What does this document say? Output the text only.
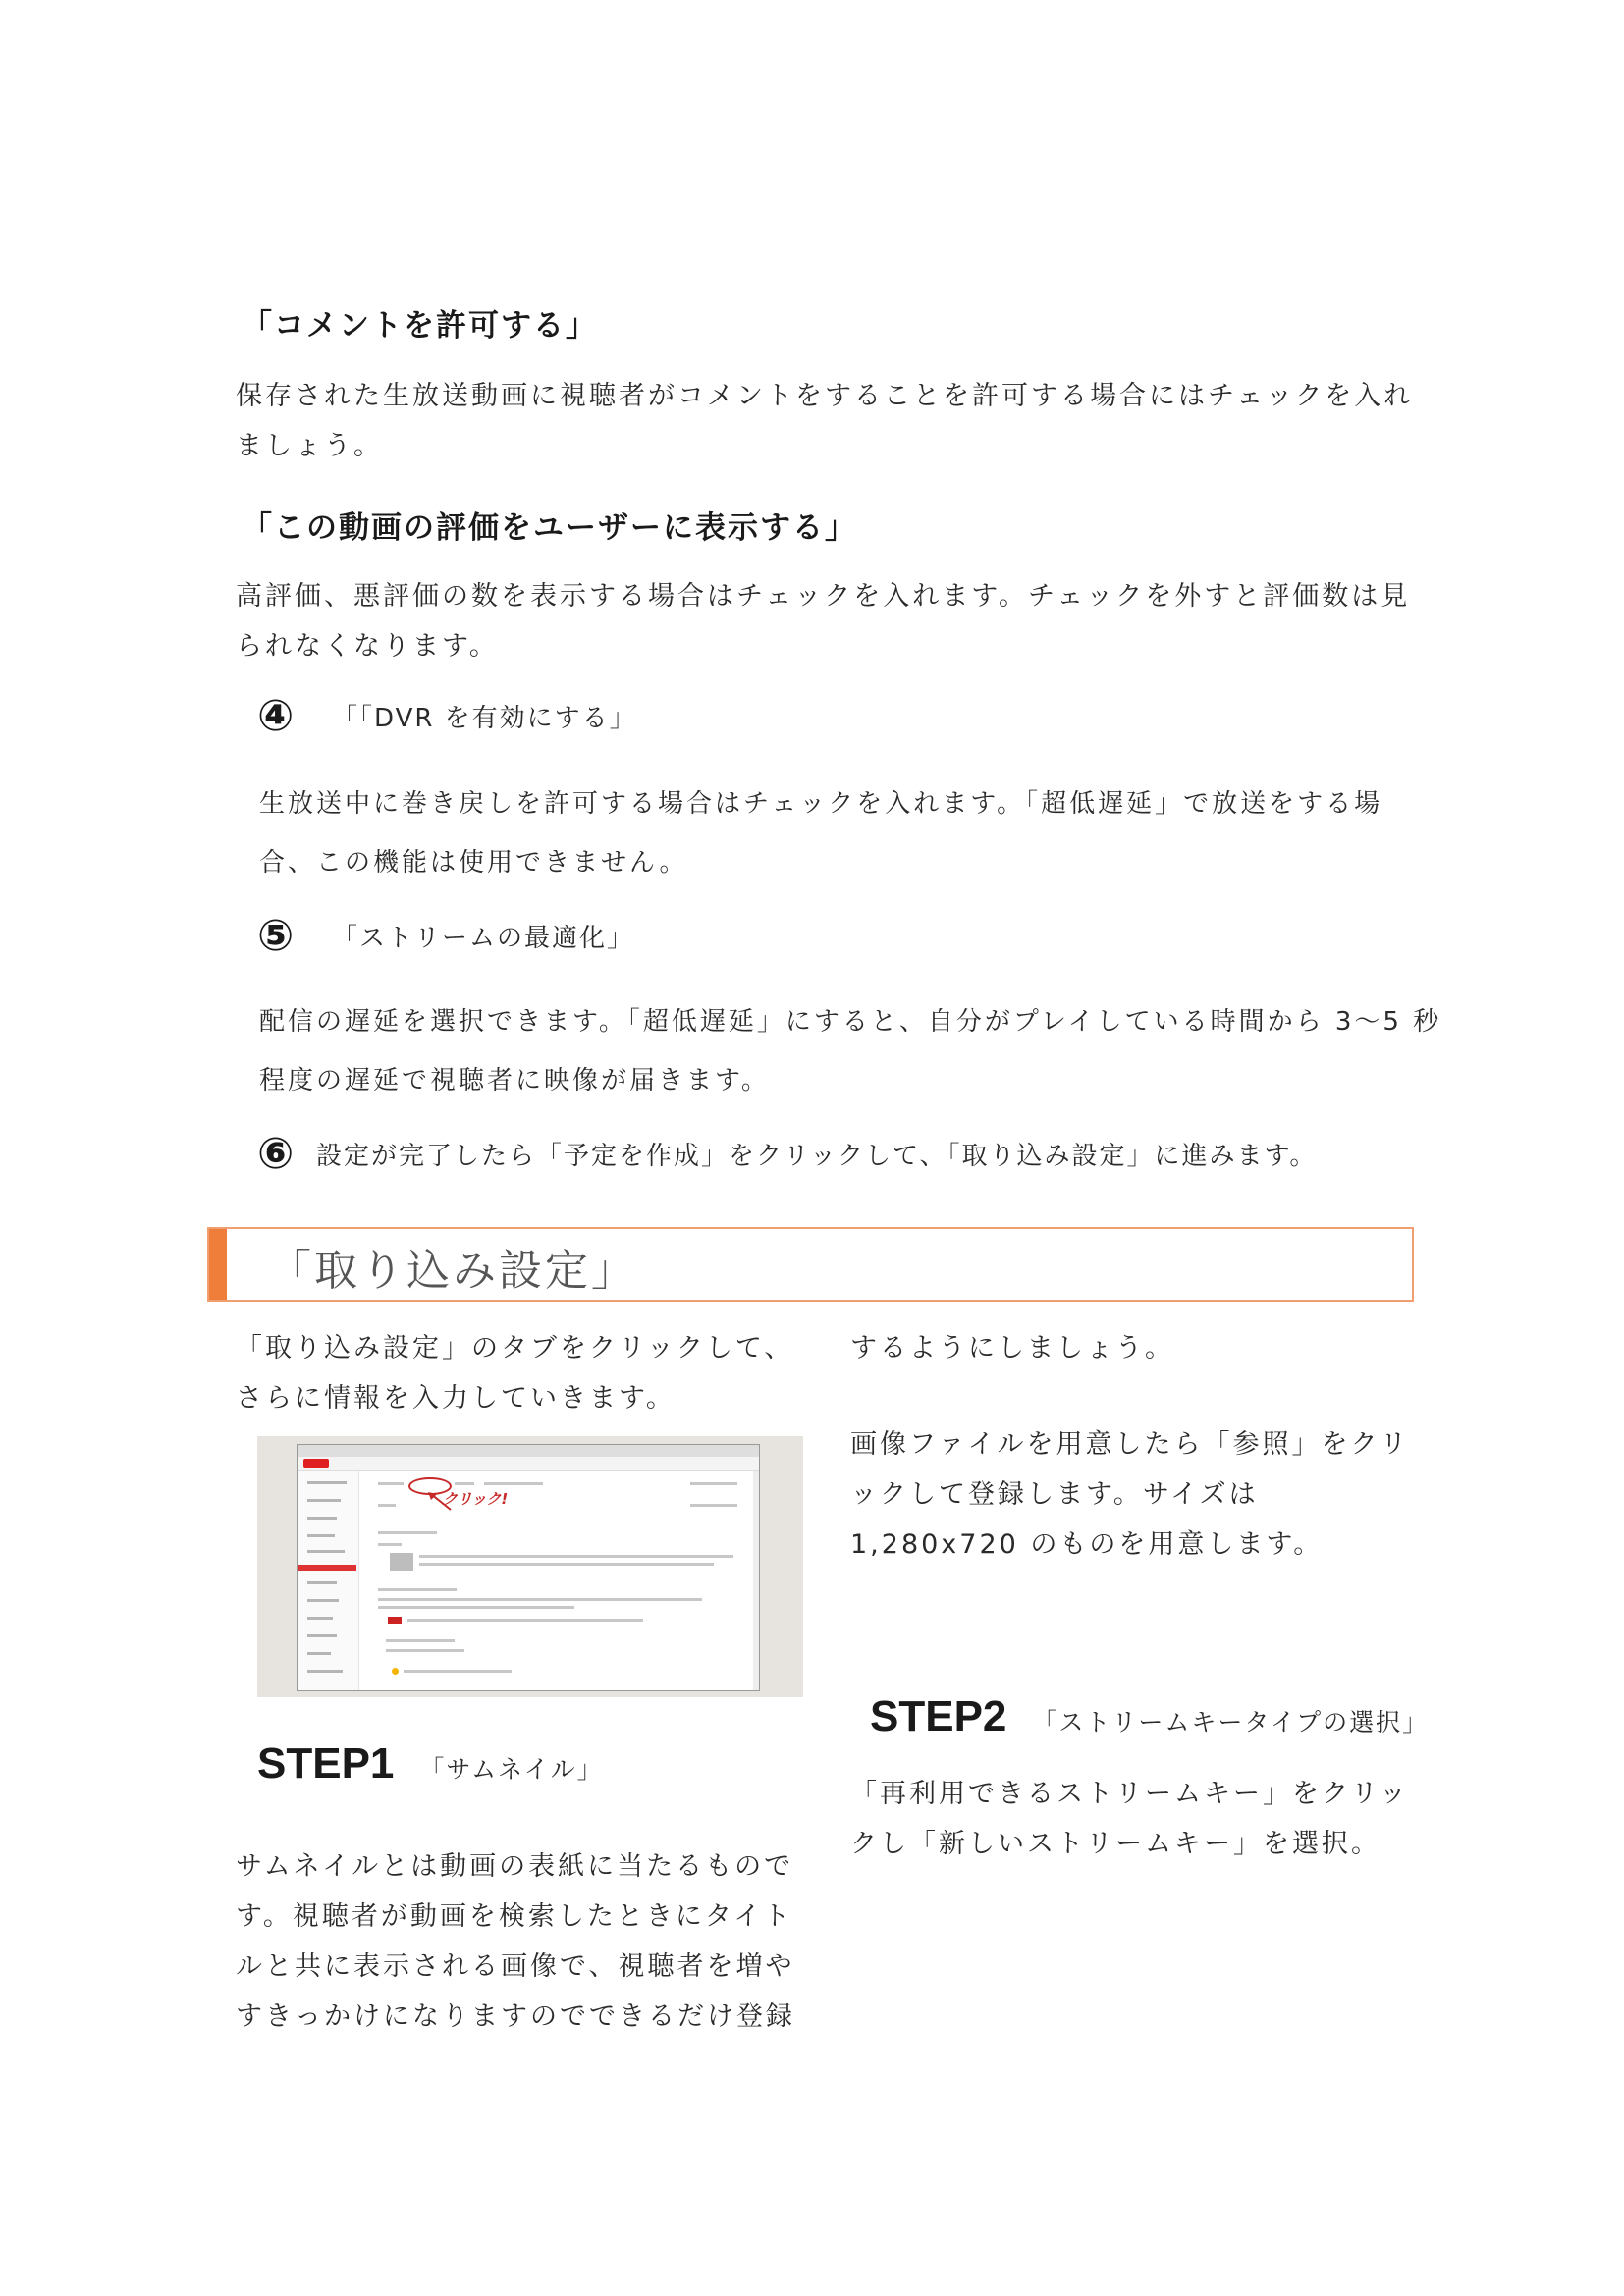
「コメントを許可する」
保存された生放送動画に視聴者がコメントをすることを許可する場合にはチェックを入れましょう。
「この動画の評価をユーザーに表示する」
高評価、悪評価の数を表示する場合はチェックを入れます。チェックを外すと評価数は見られなくなります。
④	「「DVR を有効にする」
生放送中に巻き戻しを許可する場合はチェックを入れます。「超低遅延」で放送をする場
合、この機能は使用できません。
⑤	「ストリームの最適化」
配信の遅延を選択できます。「超低遅延」にすると、自分がプレイしている時間から 3〜5 秒
程度の遅延で視聴者に映像が届きます。
⑥ 設定が完了したら「予定を作成」をクリックして、「取り込み設定」に進みます。
「取り込み設定」
「取り込み設定」のタブをクリックして、さらに情報を入力していきます。
クリック!
STEP1 「サムネイル」
サムネイルとは動画の表紙に当たるものです。視聴者が動画を検索したときにタイトルと共に表示される画像で、視聴者を増やすきっかけになりますのでできるだけ登録
するようにしましょう。
画像ファイルを用意したら「参照」をクリックして登録します。サイズは 1,280x720 のものを用意します。
STEP2 「ストリームキータイプの選択」
「再利用できるストリームキー」をクリックし「新しいストリームキー」を選択。
